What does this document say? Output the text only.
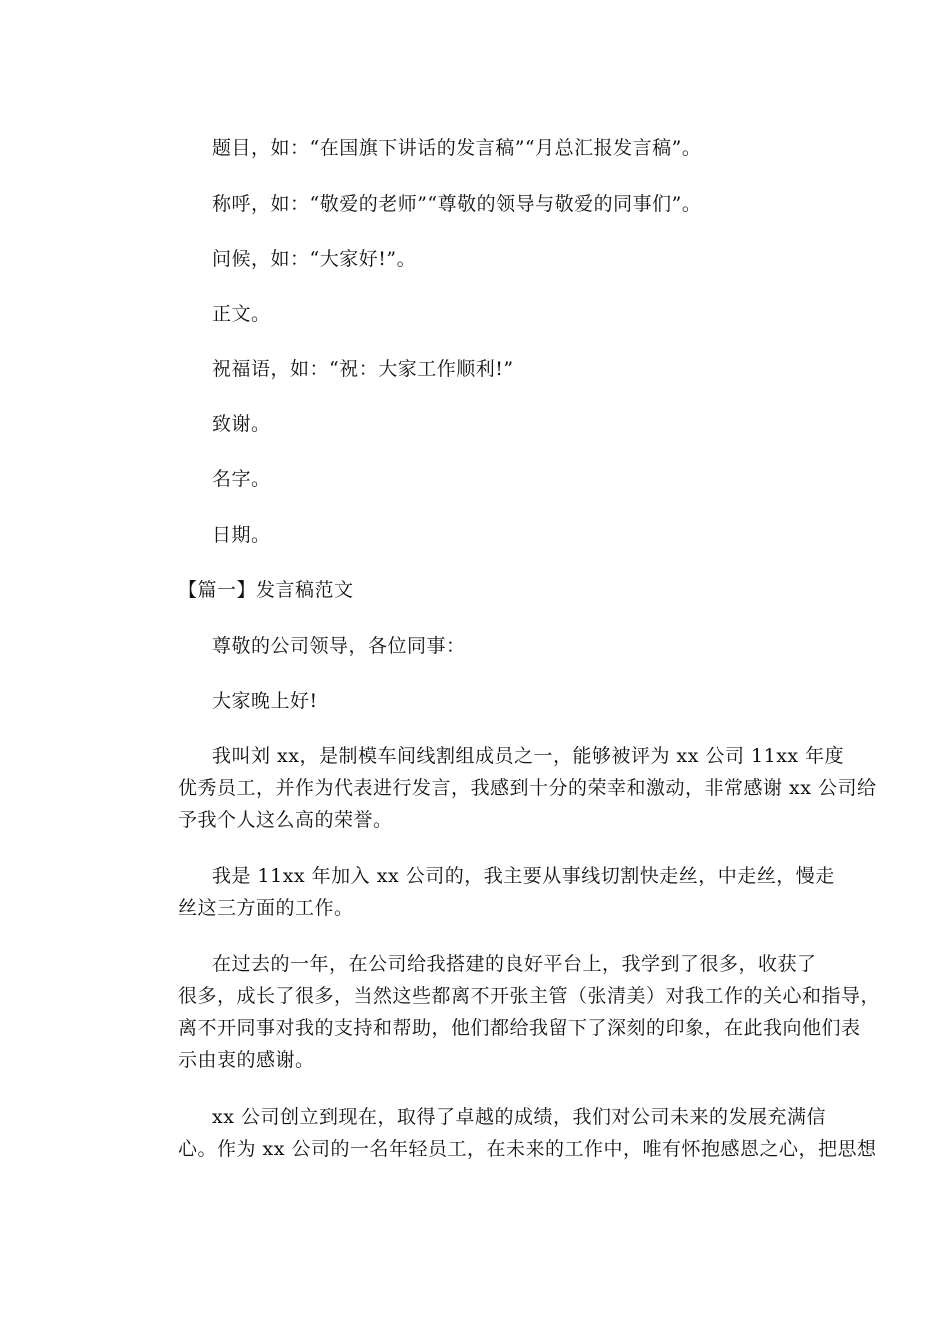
题目，如：“在国旗下讲话的发言稿”“月总汇报发言稿”。
称呼，如：“敬爱的老师”“尊敬的领导与敬爱的同事们”。
问候，如：“大家好!”。
正文。
祝福语，如：“祝：大家工作顺利!”
致谢。
名字。
日期。
【篇一】发言稿范文
尊敬的公司领导，各位同事：
大家晚上好!
我叫刘 xx，是制模车间线割组成员之一，能够被评为 xx 公司 11xx 年度
优秀员工，并作为代表进行发言，我感到十分的荣幸和激动，非常感谢 xx 公司给
予我个人这么高的荣誉。
我是 11xx 年加入 xx 公司的，我主要从事线切割快走丝，中走丝，慢走
丝这三方面的工作。
在过去的一年，在公司给我搭建的良好平台上，我学到了很多，收获了
很多，成长了很多，当然这些都离不开张主管（张清美）对我工作的关心和指导，
离不开同事对我的支持和帮助，他们都给我留下了深刻的印象，在此我向他们表
示由衷的感谢。
xx 公司创立到现在，取得了卓越的成绩，我们对公司未来的发展充满信
心。作为 xx 公司的一名年轻员工，在未来的工作中，唯有怀抱感恩之心，把思想
